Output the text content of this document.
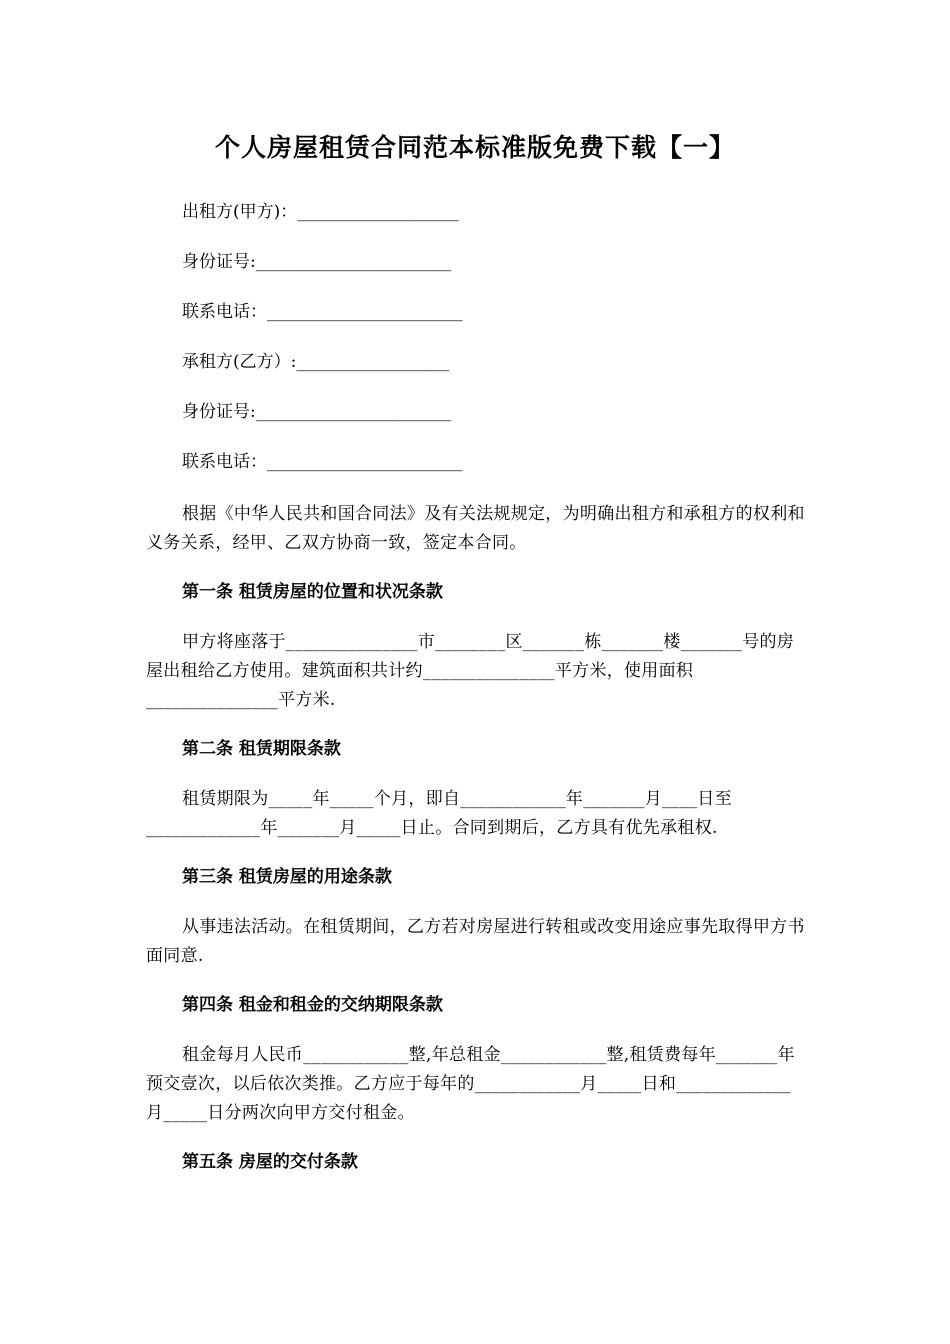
个人房屋租赁合同范本标准版免费下载【一】
出租方(甲方)：___________________
身份证号:_______________________
联系电话：_______________________
承租方(乙方）:__________________
身份证号:_______________________
联系电话：_______________________

根据《中华人民共和国合同法》及有关法规规定，为明确出租方和承租方的权利和义务关系，经甲、乙双方协商一致，签定本合同。

第一条 租赁房屋的位置和状况条款

甲方将座落于_______________市________区_______栋_______楼_______号的房屋出租给乙方使用。建筑面积共计约_______________平方米，使用面积_______________平方米.

第二条 租赁期限条款

租赁期限为_____年_____个月，即自____________年_______月____日至_____________年_______月_____日止。合同到期后，乙方具有优先承租权.

第三条 租赁房屋的用途条款

从事违法活动。在租赁期间，乙方若对房屋进行转租或改变用途应事先取得甲方书面同意.

第四条 租金和租金的交纳期限条款

租金每月人民币____________整,年总租金____________整,租赁费每年_______年预交壹次，以后依次类推。乙方应于每年的____________月_____日和_____________月_____日分两次向甲方交付租金。

第五条 房屋的交付条款
